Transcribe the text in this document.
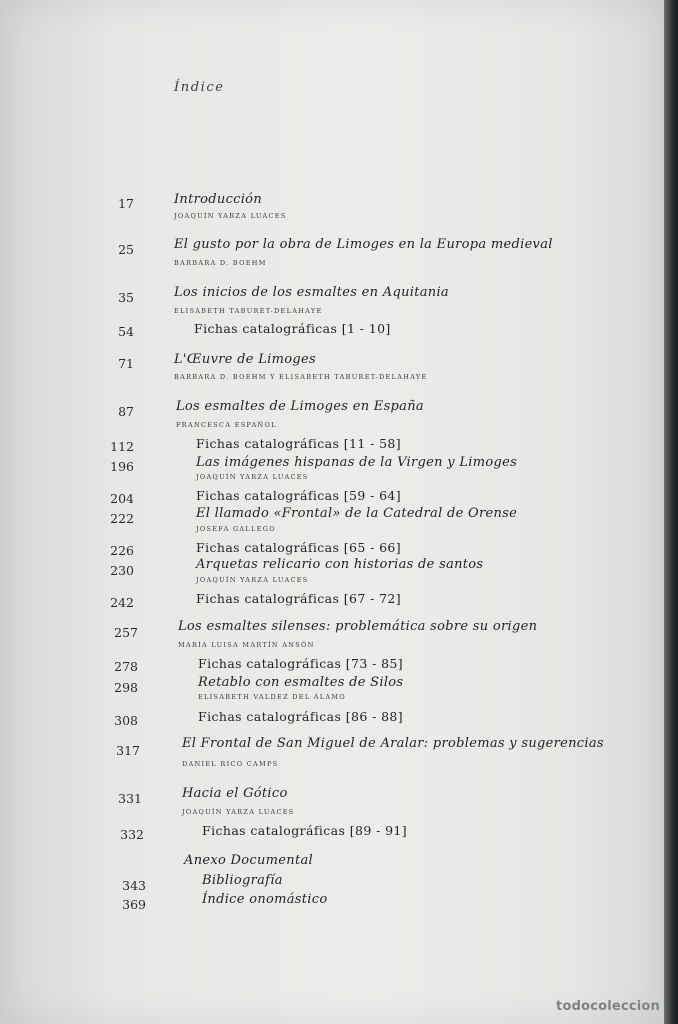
Índice
17	Introducción
JOAQUÍN YARZA LUACES
25	El gusto por la obra de Limoges en la Europa medieval
BARBARA D. BOEHM
35	Los inicios de los esmaltes en Aquitania
ELISABETH TABURET-DELAHAYE
54	Fichas catalográficas [1 - 10]
71	L'Œuvre de Limoges
BARBARA D. BOEHM Y ELISABETH TABURET-DELAHAYE
87	Los esmaltes de Limoges en España
FRANCESCA ESPAÑOL
112	Fichas catalográficas [11 - 58]
196	Las imágenes hispanas de la Virgen y Limoges
JOAQUÍN YARZA LUACES
204	Fichas catalográficas [59 - 64]
222	El llamado «Frontal» de la Catedral de Orense
JOSEFA GALLEGO
226	Fichas catalográficas [65 - 66]
230	Arquetas relicario con historias de santos
JOAQUÍN YARZA LUACES
242	Fichas catalográficas [67 - 72]
257	Los esmaltes silenses: problemática sobre su origen
MARÍA LUISA MARTÍN ANSÓN
278	Fichas catalográficas [73 - 85]
298	Retablo con esmaltes de Silos
ELISABETH VALDEZ DEL ÁLAMO
308	Fichas catalográficas [86 - 88]
317	El Frontal de San Miguel de Aralar: problemas y sugerencias
DANIEL RICO CAMPS
331	Hacia el Gótico
JOAQUÍN YARZA LUACES
332	Fichas catalográficas [89 - 91]
Anexo Documental
343	Bibliografía
369	Índice onomástico
todocoleccion
